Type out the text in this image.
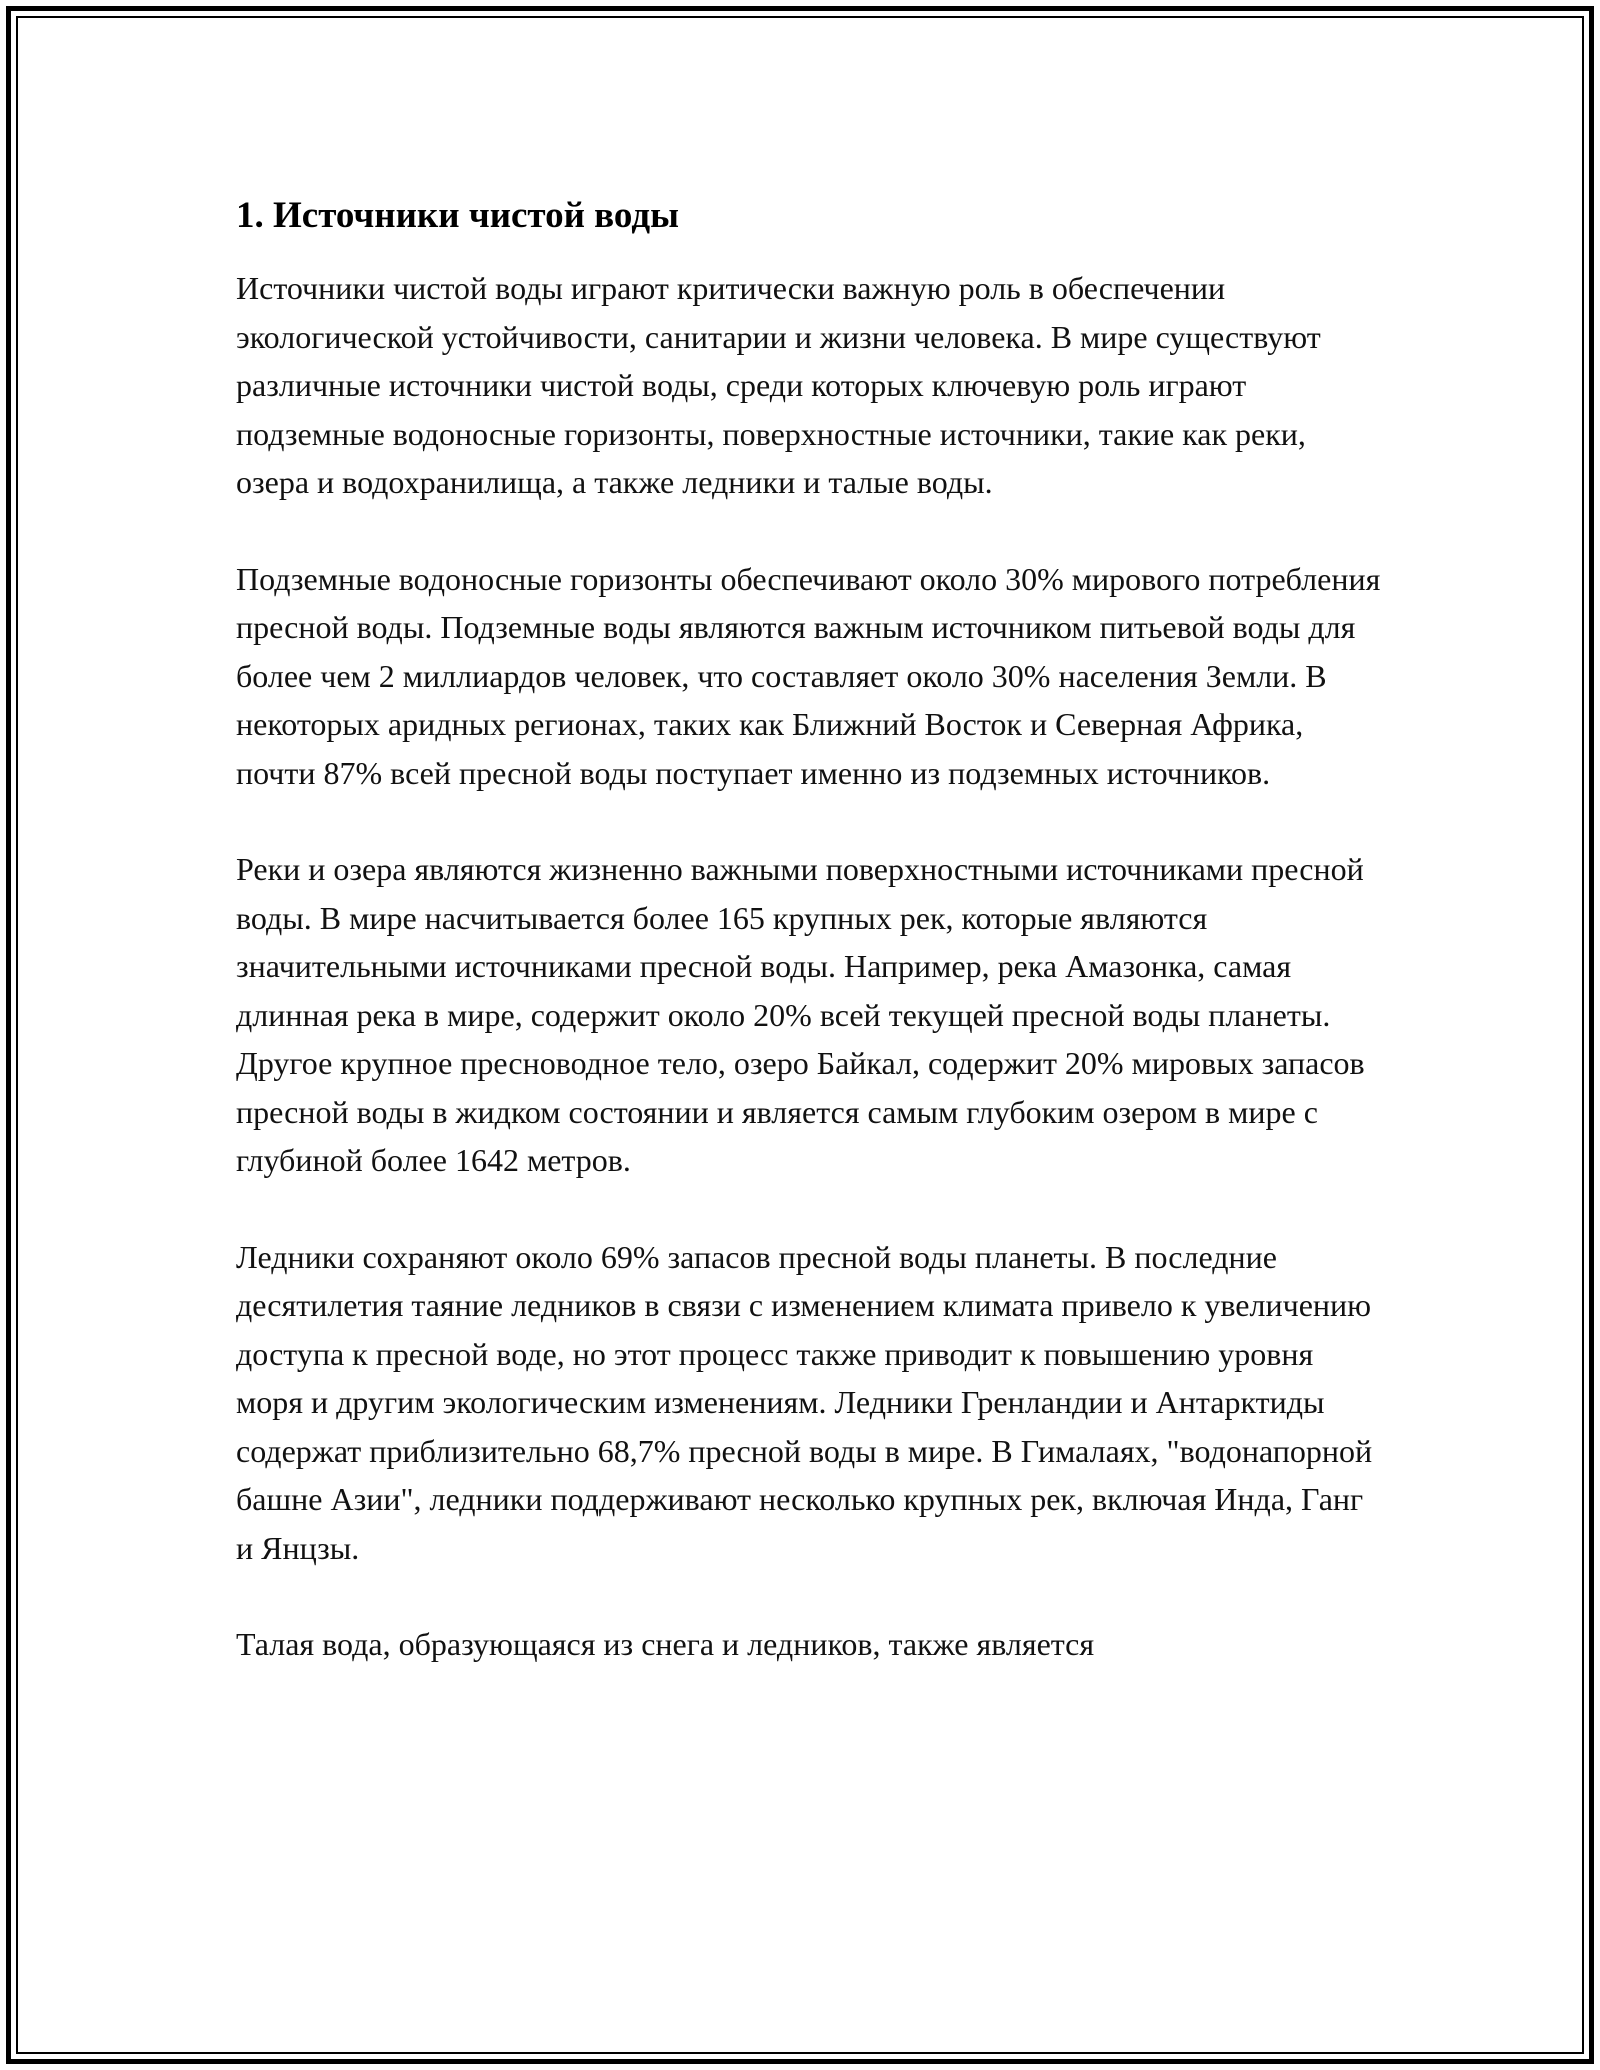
1. Источники чистой воды

Источники чистой воды играют критически важную роль в обеспечении экологической устойчивости, санитарии и жизни человека. В мире существуют различные источники чистой воды, среди которых ключевую роль играют подземные водоносные горизонты, поверхностные источники, такие как реки, озера и водохранилища, а также ледники и талые воды.

Подземные водоносные горизонты обеспечивают около 30% мирового потребления пресной воды. Подземные воды являются важным источником питьевой воды для более чем 2 миллиардов человек, что составляет около 30% населения Земли. В некоторых аридных регионах, таких как Ближний Восток и Северная Африка, почти 87% всей пресной воды поступает именно из подземных источников.

Реки и озера являются жизненно важными поверхностными источниками пресной воды. В мире насчитывается более 165 крупных рек, которые являются значительными источниками пресной воды. Например, река Амазонка, самая длинная река в мире, содержит около 20% всей текущей пресной воды планеты. Другое крупное пресноводное тело, озеро Байкал, содержит 20% мировых запасов пресной воды в жидком состоянии и является самым глубоким озером в мире с глубиной более 1642 метров.

Ледники сохраняют около 69% запасов пресной воды планеты. В последние десятилетия таяние ледников в связи с изменением климата привело к увеличению доступа к пресной воде, но этот процесс также приводит к повышению уровня моря и другим экологическим изменениям. Ледники Гренландии и Антарктиды содержат приблизительно 68,7% пресной воды в мире. В Гималаях, "водонапорной башне Азии", ледники поддерживают несколько крупных рек, включая Инда, Ганг и Янцзы.

Талая вода, образующаяся из снега и ледников, также является
